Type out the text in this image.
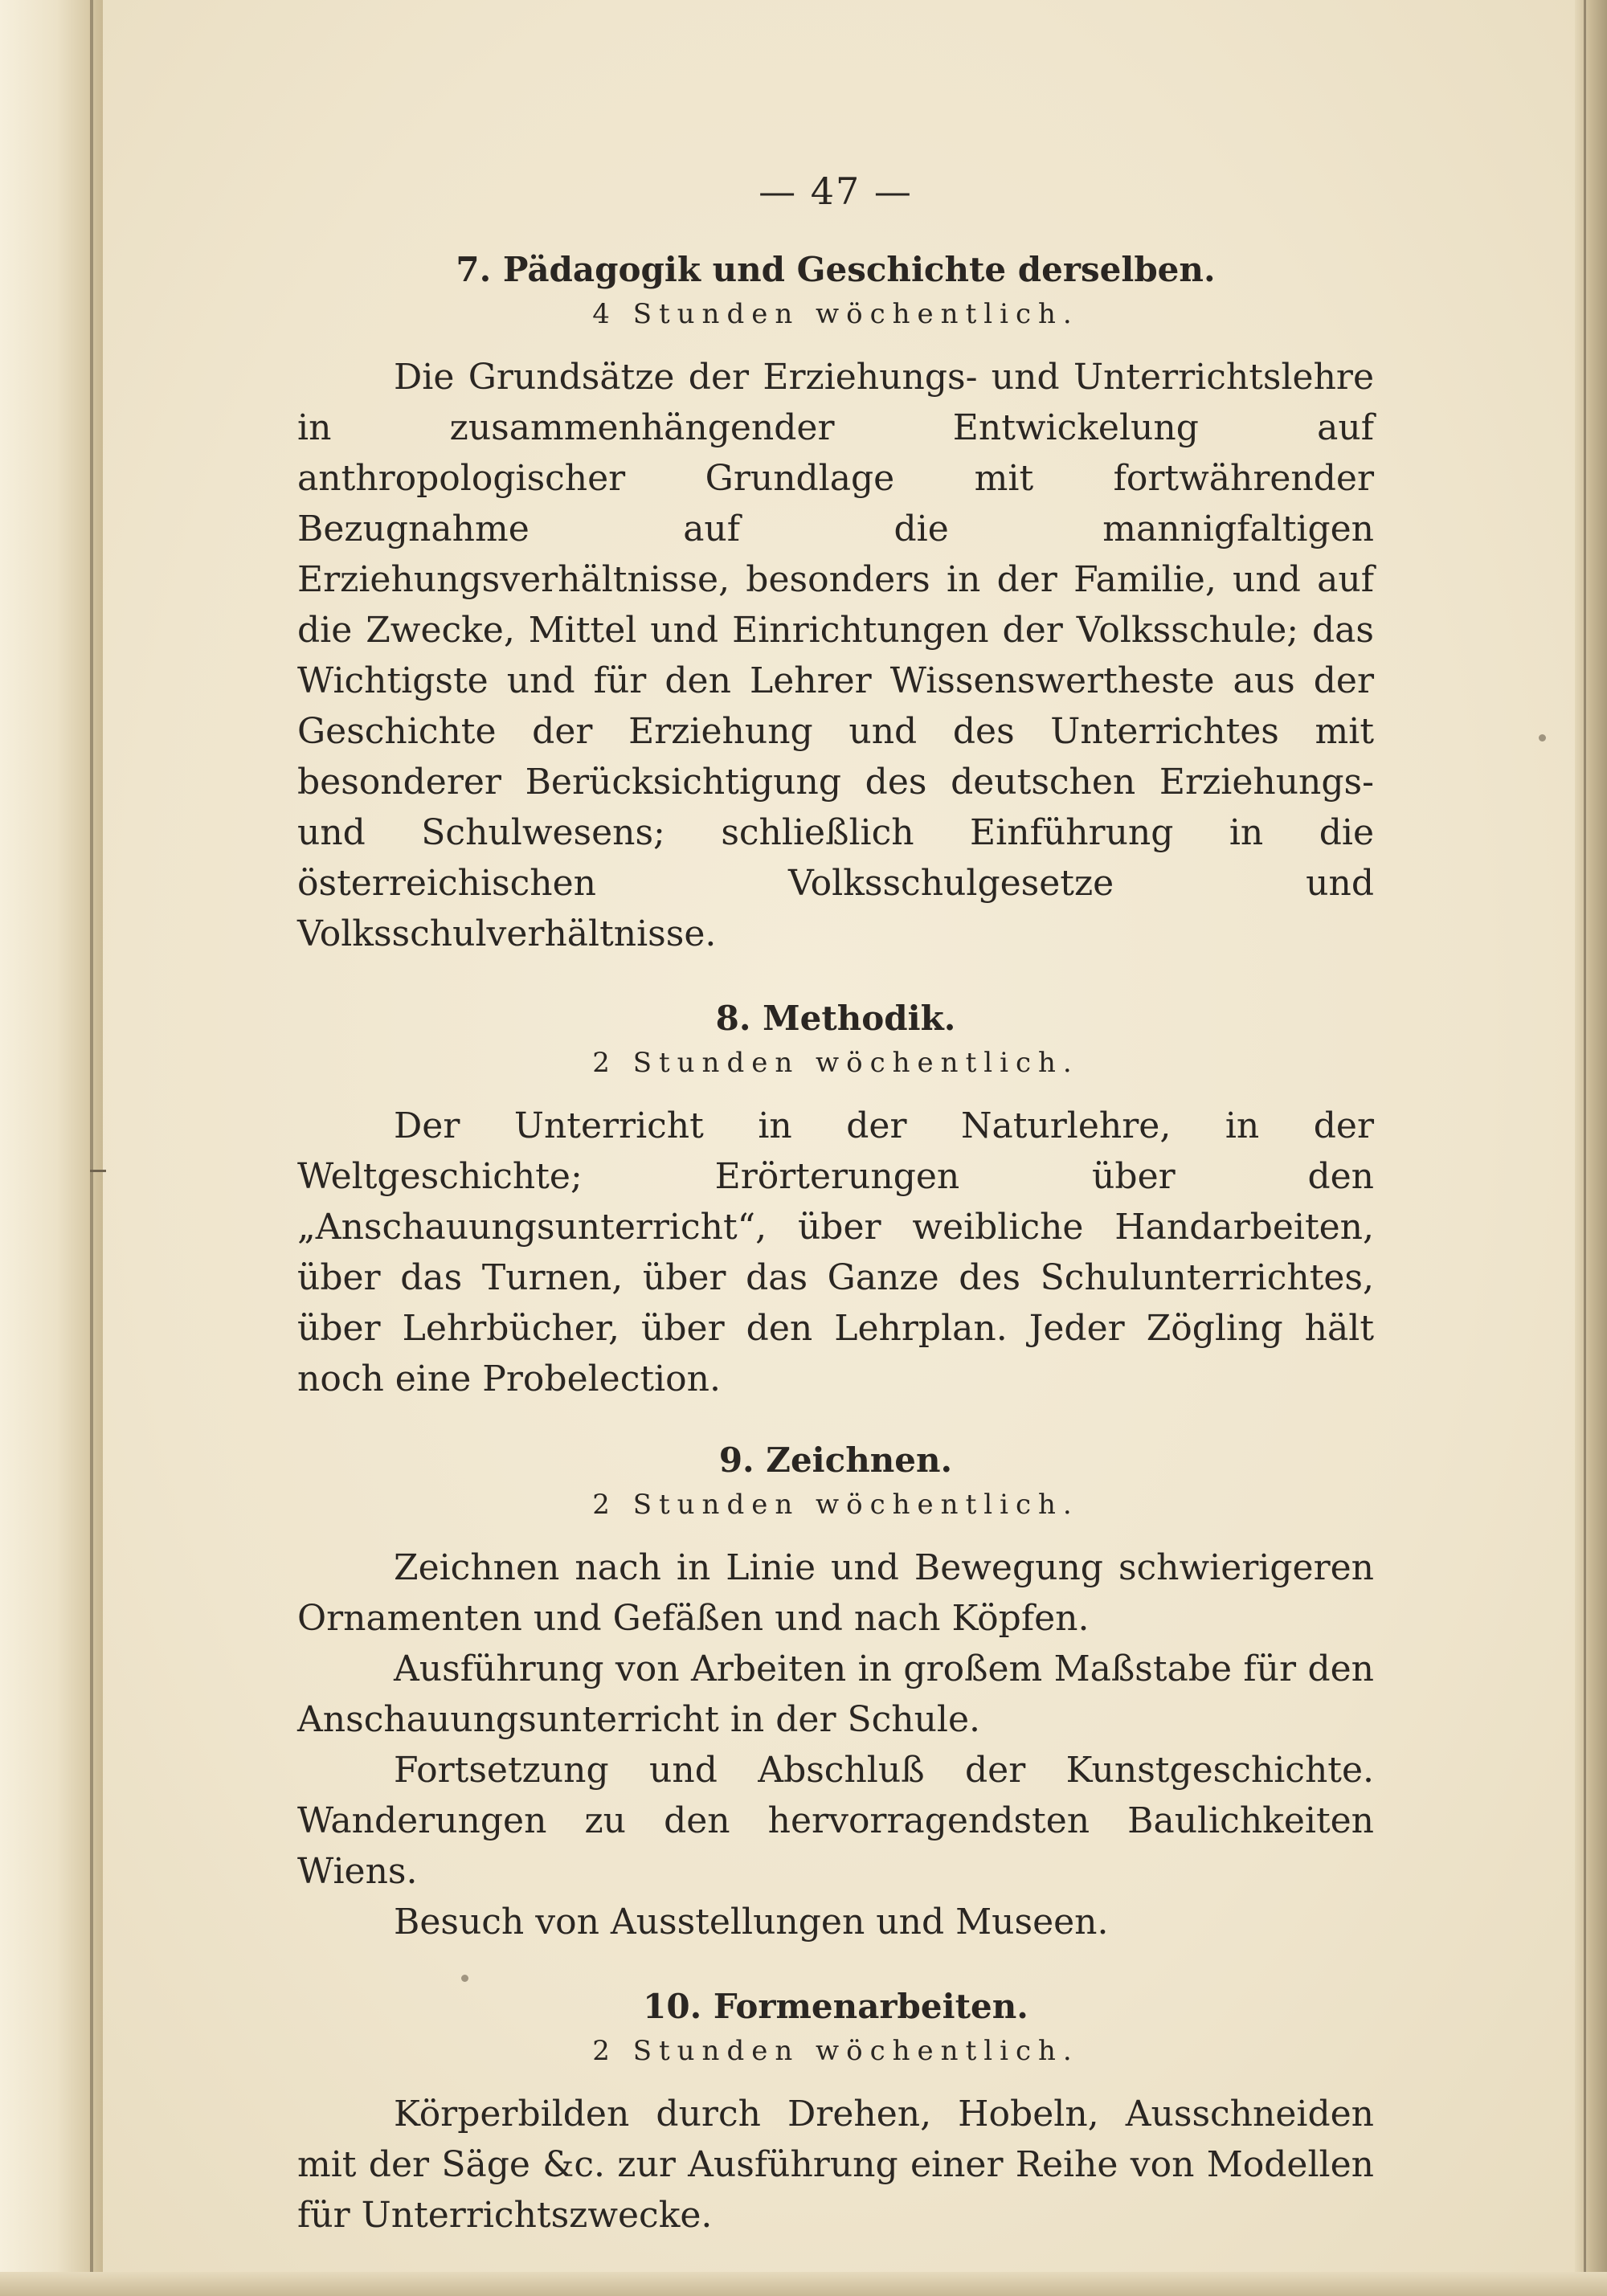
— 47 —

7. Pädagogik und Geschichte derselben.

4 Stunden wöchentlich.

Die Grundsätze der Erziehungs- und Unterrichtslehre in zusammenhängender Entwickelung auf anthropologischer Grundlage mit fortwährender Bezugnahme auf die mannigfaltigen Erziehungsverhältnisse, besonders in der Familie, und auf die Zwecke, Mittel und Einrichtungen der Volksschule; das Wichtigste und für den Lehrer Wissenswertheste aus der Geschichte der Erziehung und des Unterrichtes mit besonderer Berücksichtigung des deutschen Erziehungs- und Schulwesens; schließlich Einführung in die österreichischen Volksschulgesetze und Volksschulverhältnisse.

8. Methodik.

2 Stunden wöchentlich.

Der Unterricht in der Naturlehre, in der Weltgeschichte; Erörterungen über den „Anschauungsunterricht“, über weibliche Handarbeiten, über das Turnen, über das Ganze des Schulunterrichtes, über Lehrbücher, über den Lehrplan. Jeder Zögling hält noch eine Probelection.

9. Zeichnen.

2 Stunden wöchentlich.

Zeichnen nach in Linie und Bewegung schwierigeren Ornamenten und Gefäßen und nach Köpfen.

Ausführung von Arbeiten in großem Maßstabe für den Anschauungsunterricht in der Schule.

Fortsetzung und Abschluß der Kunstgeschichte. Wanderungen zu den hervorragendsten Baulichkeiten Wiens.

Besuch von Ausstellungen und Museen.

10. Formenarbeiten.

2 Stunden wöchentlich.

Körperbilden durch Drehen, Hobeln, Ausschneiden mit der Säge &c. zur Ausführung einer Reihe von Modellen für Unterrichtszwecke.
